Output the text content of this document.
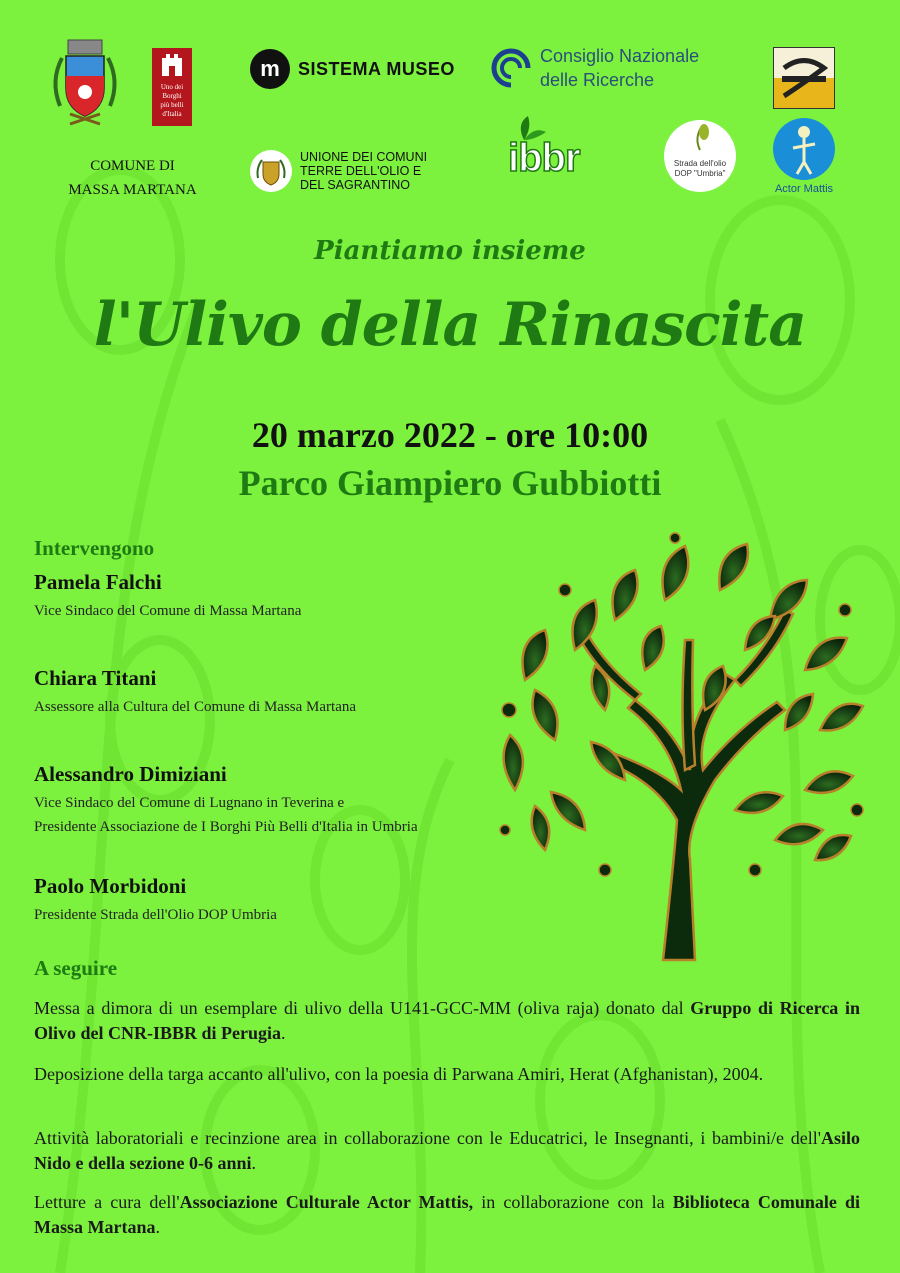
COMUNE DI
MASSA MARTANA
Uno dei
Borghi
più belli
d'Italia
m	SISTEMA MUSEO
Consiglio Nazionale
delle Ricerche
UNIONE DEI COMUNI
TERRE DELL'OLIO E
DEL SAGRANTINO
ibbr	Strada dell'olio
DOP "Umbria"
Actor Mattis
Piantiamo insieme
l'Ulivo della Rinascita
20 marzo 2022 - ore 10:00
Parco Giampiero Gubbiotti
Intervengono
Pamela Falchi
Vice Sindaco del Comune di Massa Martana
Chiara Titani
Assessore alla Cultura del Comune di Massa Martana
Alessandro Dimiziani
Vice Sindaco del Comune di Lugnano in Teverina e
Presidente Associazione de I Borghi Più Belli d'Italia in Umbria
Paolo Morbidoni
Presidente Strada dell'Olio DOP Umbria
A seguire
Messa a dimora di un esemplare di ulivo della U141-GCC-MM (oliva raja) donato dal Gruppo di Ricerca in Olivo del CNR-IBBR di Perugia.
Deposizione della targa accanto all'ulivo, con la poesia di Parwana Amiri, Herat (Afghanistan), 2004.
Attività laboratoriali e recinzione area in collaborazione con le Educatrici, le Insegnanti, i bambini/e dell'Asilo Nido e della sezione 0-6 anni.
Letture a cura dell'Associazione Culturale Actor Mattis, in collaborazione con la Biblioteca Comunale di Massa Martana.
